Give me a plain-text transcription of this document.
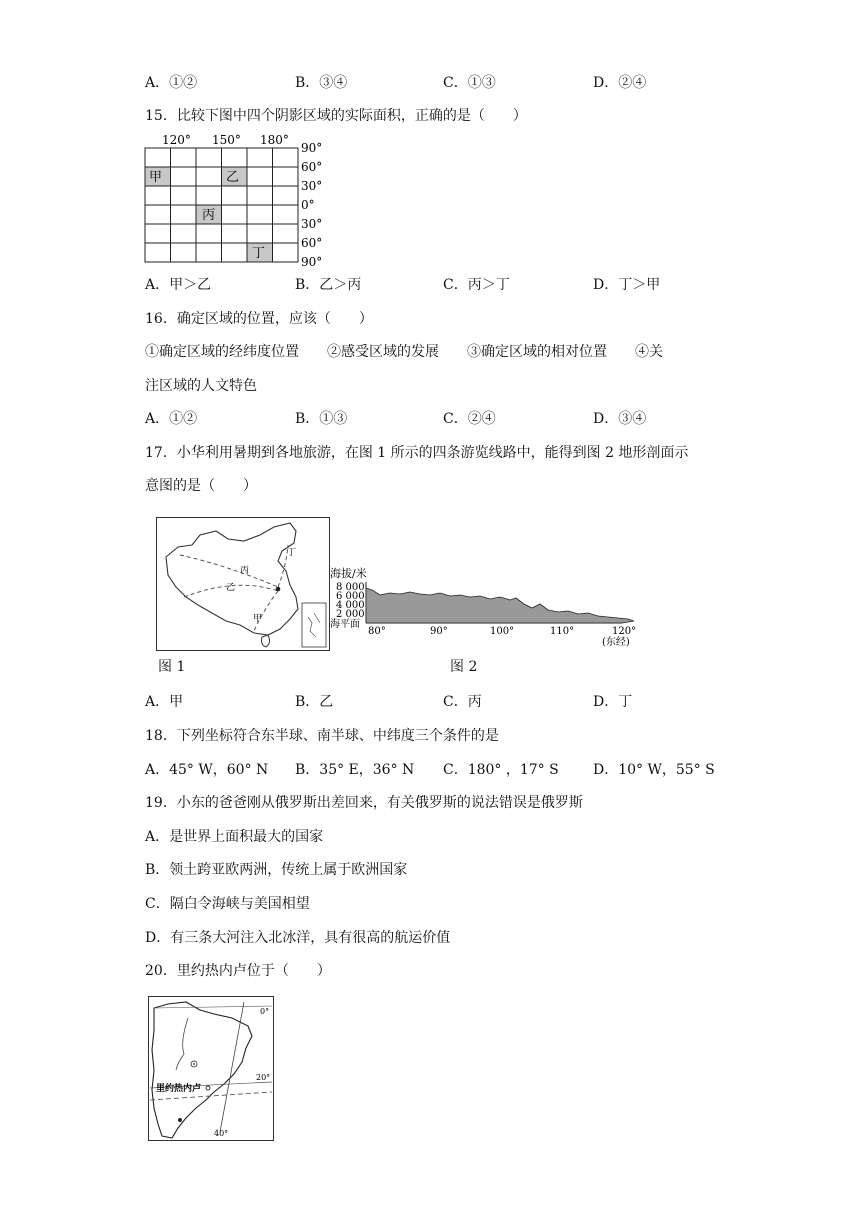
A．①②	B．③④	C．①③	D．②④
15．比较下图中四个阴影区域的实际面积，正确的是（　　）
120° 150° 180°
甲	乙
丙
丁
90°
60°
30°
0°
30°
60°
90°
A．甲＞乙	B．乙＞丙	C．丙＞丁	D．丁＞甲
16．确定区域的位置，应该（　　）
①确定区域的经纬度位置　　②感受区域的发展　　③确定区域的相对位置　　④关
注区域的人文特色
A．①②	B．①③	C．②④	D．③④
17．小华利用暑期到各地旅游，在图 1 所示的四条游览线路中，能得到图 2 地形剖面示
意图的是（　　）
丙
乙
甲
丁
海拔/米
8 000
6 000
4 000
2 000
海平面
80°	90°	100°	110°	120°
(东经)
图 1	图 2
A．甲	B．乙	C．丙	D．丁
18．下列坐标符合东半球、南半球、中纬度三个条件的是
A．45° W，60° N B．35° E，36° N C．180° ，17° S D．10° W，55° S
19．小东的爸爸刚从俄罗斯出差回来，有关俄罗斯的说法错误是俄罗斯
A．是世界上面积最大的国家
B．领土跨亚欧两洲，传统上属于欧洲国家
C．隔白令海峡与美国相望
D．有三条大河注入北冰洋，具有很高的航运价值
20．里约热内卢位于（　　）
里约热内卢
0°
20°
40°
